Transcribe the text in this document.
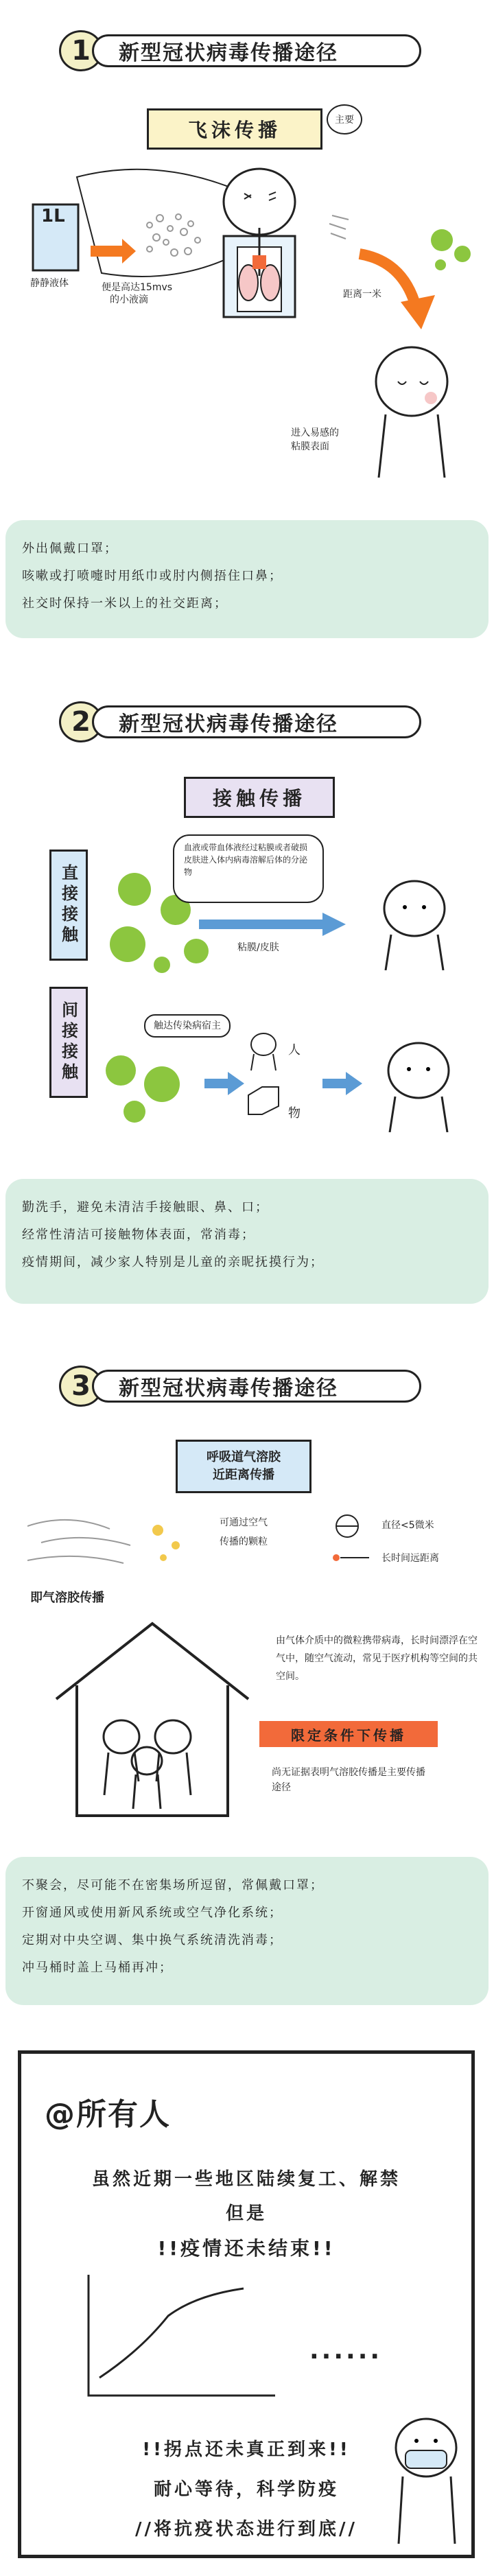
1	新型冠状病毒传播途径
飞沫传播	主要
1L
静静液体	便是高达15mvs
的小液滴	距离一米
进入易感的
粘膜表面
外出佩戴口罩；
咳嗽或打喷嚏时用纸巾或肘内侧捂住口鼻；
社交时保持一米以上的社交距离；
2	新型冠状病毒传播途径
接触传播
直接接触
血液或带血体液经过粘膜或者破损皮肤进入体内病毒溶解后体的分泌物
粘膜/皮肤
间接接触	触达传染病宿主
人
物
勤洗手，避免未清洁手接触眼、鼻、口；
经常性清洁可接触物体表面，常消毒；
疫情期间，减少家人特别是儿童的亲昵抚摸行为；
3	新型冠状病毒传播途径
呼吸道气溶胶
近距离传播
可通过空气
传播的颗粒
直径<5微米
长时间远距离
即气溶胶传播
由气体介质中的微粒携带病毒，长时间漂浮在空气中，随空气流动，常见于医疗机构等空间的共空间。
限定条件下传播
尚无证据表明气溶胶传播是主要传播途径
不聚会，尽可能不在密集场所逗留，常佩戴口罩；
开窗通风或使用新风系统或空气净化系统；
定期对中央空调、集中换气系统清洗消毒；
冲马桶时盖上马桶再冲；
@所有人
虽然近期一些地区陆续复工、解禁
但是
!!疫情还未结束!!
......
!!拐点还未真正到来!!
耐心等待，科学防疫
//将抗疫状态进行到底//
